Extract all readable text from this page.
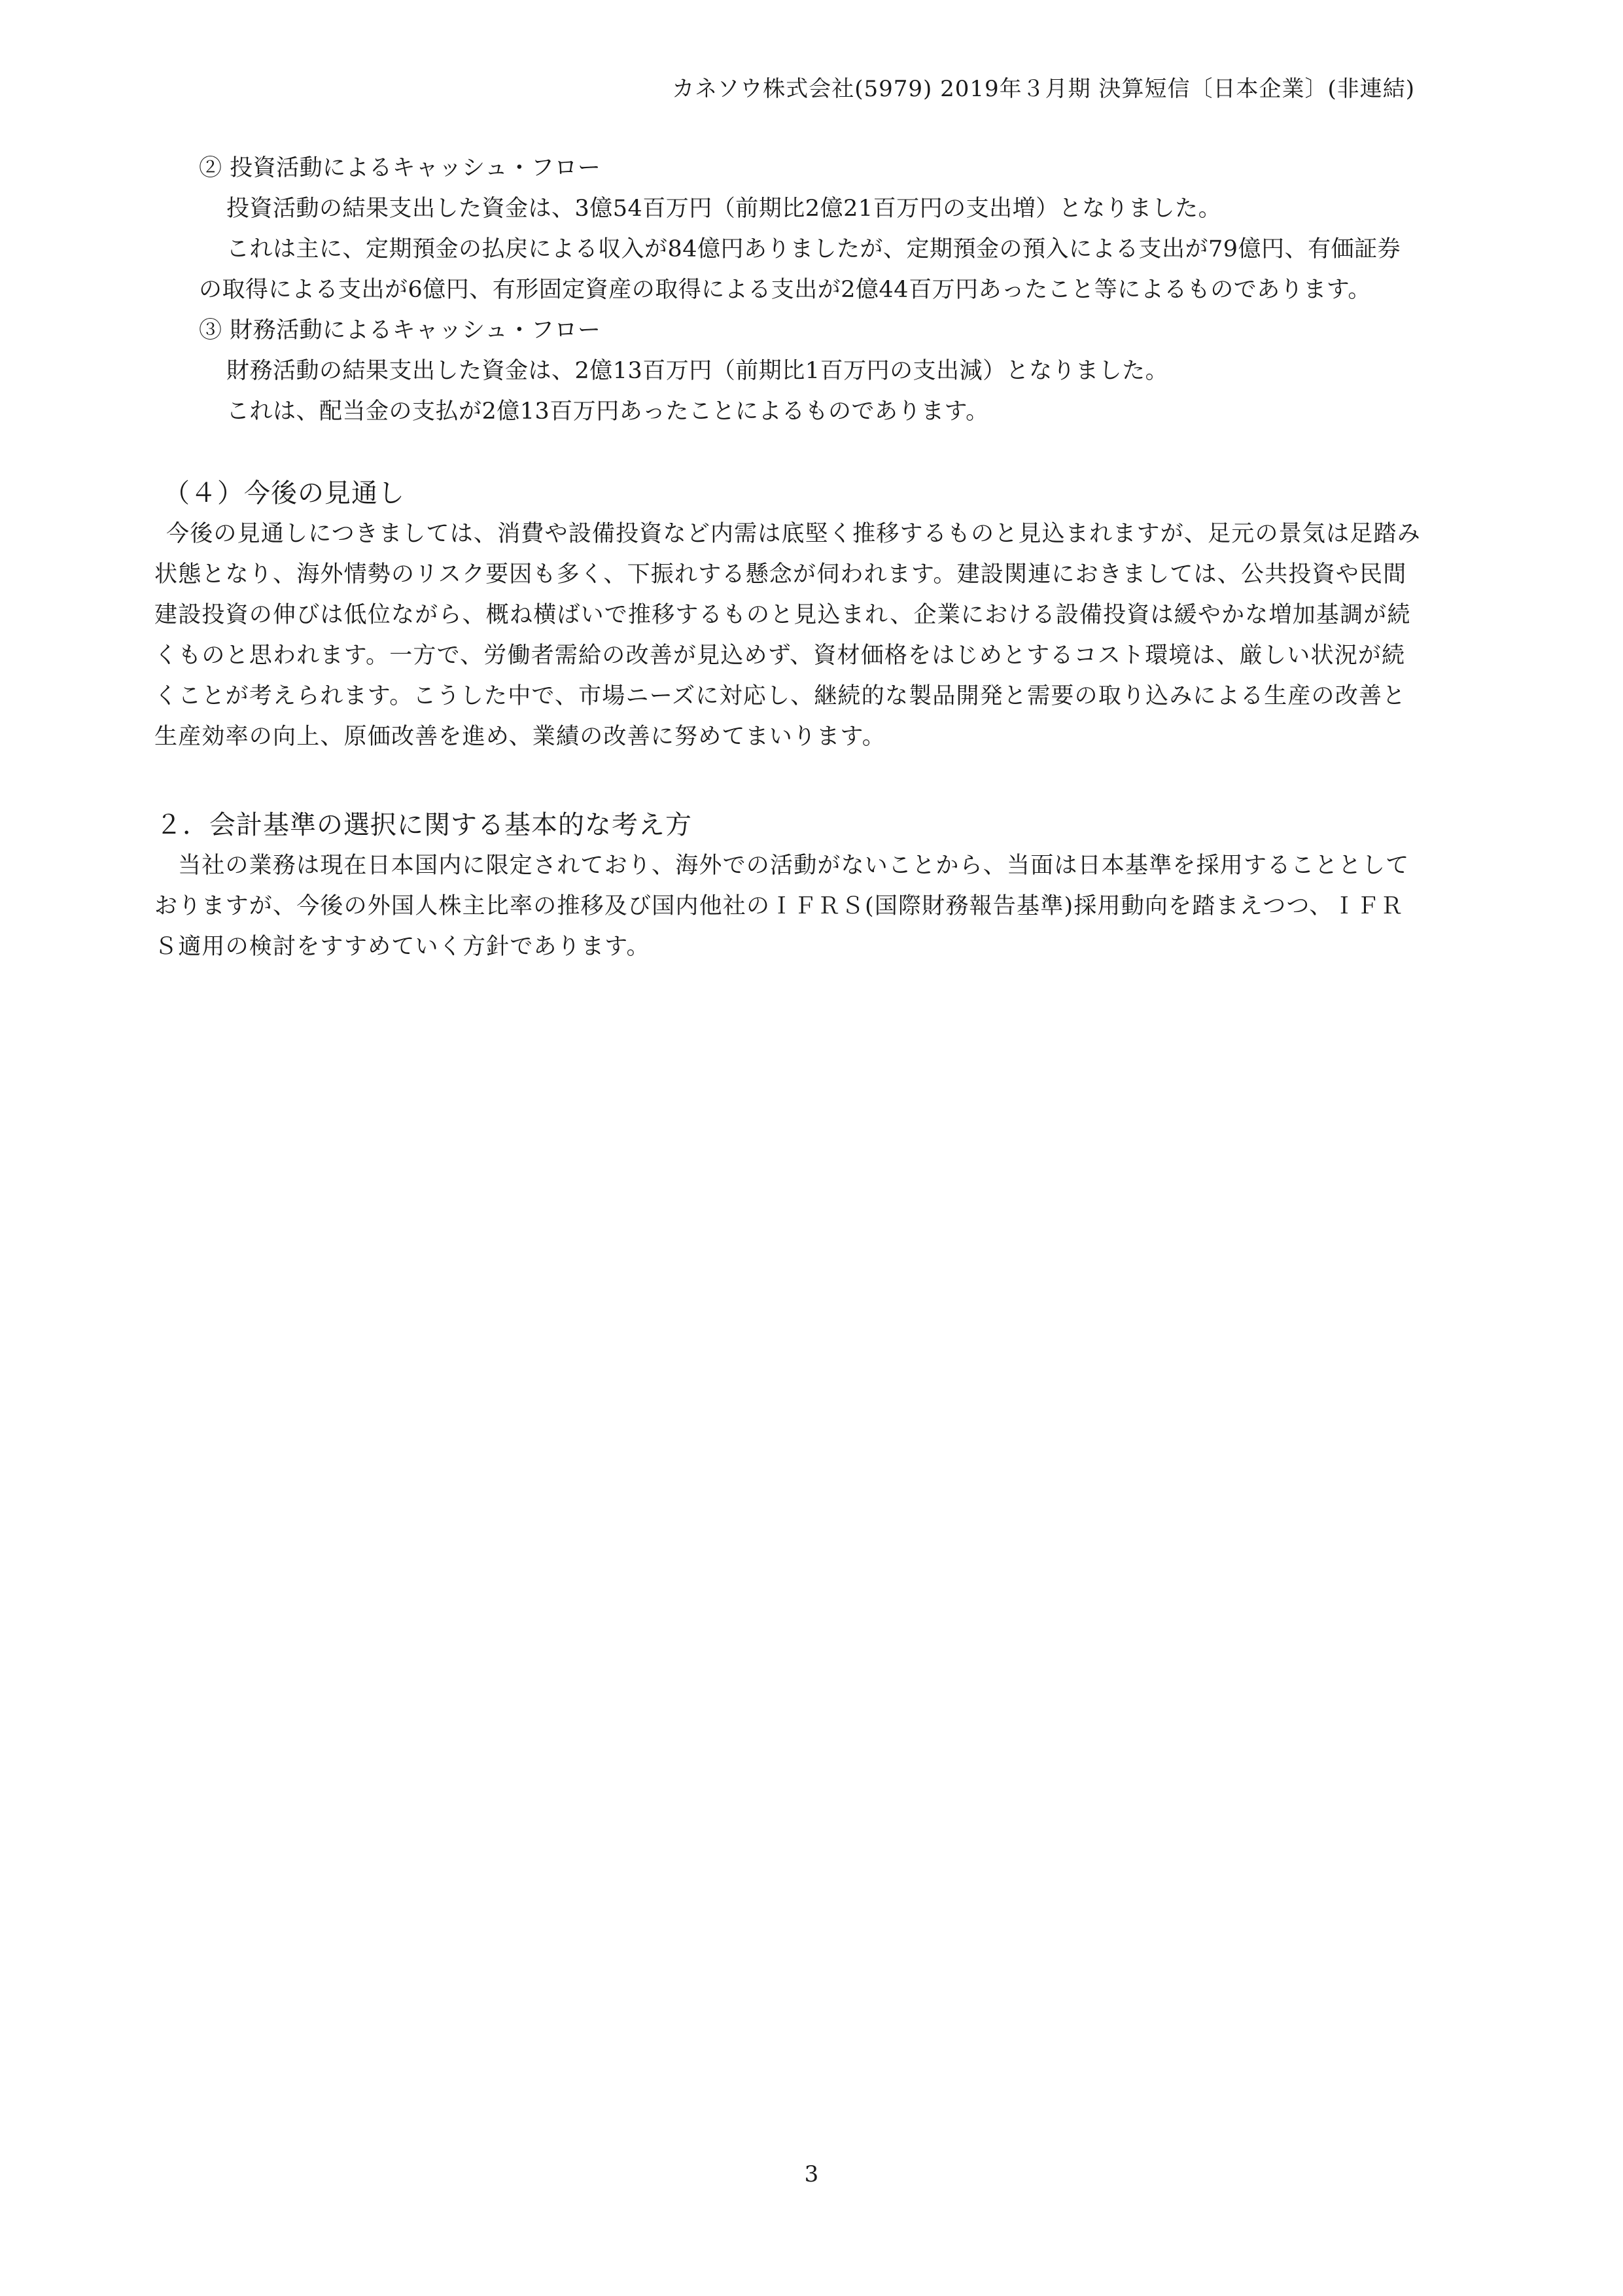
カネソウ株式会社(5979) 2019年３月期 決算短信〔日本企業〕(非連結)
② 投資活動によるキャッシュ・フロー
投資活動の結果支出した資金は、3億54百万円（前期比2億21百万円の支出増）となりました。
これは主に、定期預金の払戻による収入が84億円ありましたが、定期預金の預入による支出が79億円、有価証券
の取得による支出が6億円、有形固定資産の取得による支出が2億44百万円あったこと等によるものであります。
③ 財務活動によるキャッシュ・フロー
財務活動の結果支出した資金は、2億13百万円（前期比1百万円の支出減）となりました。
これは、配当金の支払が2億13百万円あったことによるものであります。
（４）今後の見通し
今後の見通しにつきましては、消費や設備投資など内需は底堅く推移するものと見込まれますが、足元の景気は足踏み
状態となり、海外情勢のリスク要因も多く、下振れする懸念が伺われます。建設関連におきましては、公共投資や民間
建設投資の伸びは低位ながら、概ね横ばいで推移するものと見込まれ、企業における設備投資は緩やかな増加基調が続
くものと思われます。一方で、労働者需給の改善が見込めず、資材価格をはじめとするコスト環境は、厳しい状況が続
くことが考えられます。こうした中で、市場ニーズに対応し、継続的な製品開発と需要の取り込みによる生産の改善と
生産効率の向上、原価改善を進め、業績の改善に努めてまいります。
２．会計基準の選択に関する基本的な考え方
当社の業務は現在日本国内に限定されており、海外での活動がないことから、当面は日本基準を採用することとして
おりますが、今後の外国人株主比率の推移及び国内他社のＩＦＲＳ(国際財務報告基準)採用動向を踏まえつつ、ＩＦＲ
Ｓ適用の検討をすすめていく方針であります。
3
